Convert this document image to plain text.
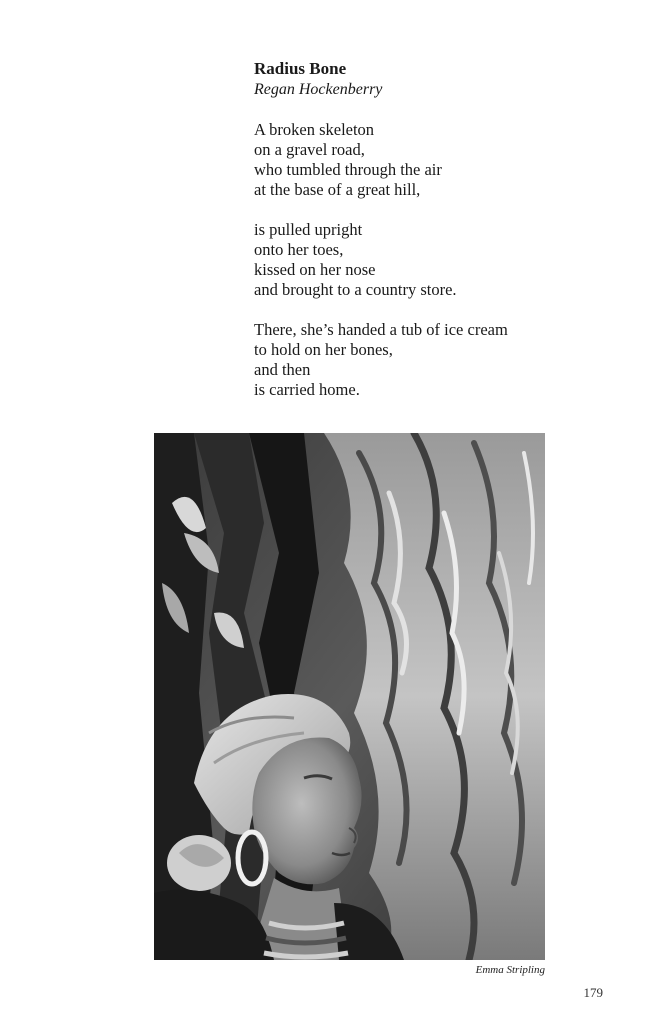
Radius Bone

Regan Hockenberry

A broken skeleton
on a gravel road,
who tumbled through the air
at the base of a great hill,
is pulled upright
onto her toes,
kissed on her nose
and brought to a country store.
There, she’s handed a tub of ice cream
to hold on her bones,
and then
is carried home.
Emma Stripling
179
